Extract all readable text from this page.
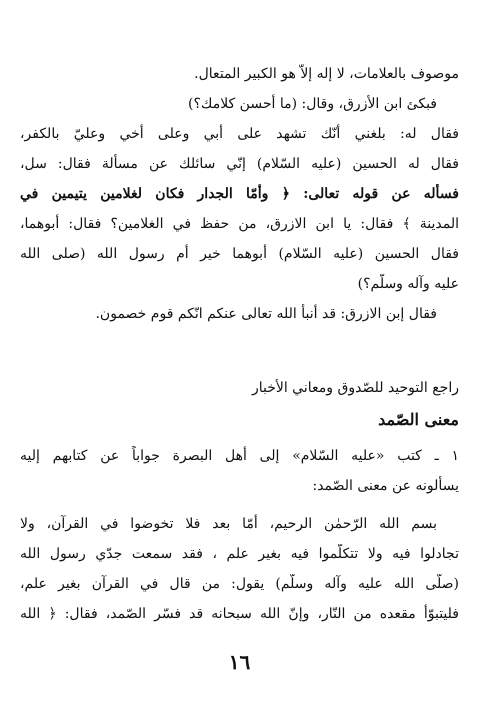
موصوف بالعلامات، لا إله إلاّ هو الكبير المتعال.
فبكئ ابن الأزرق، وقال: (ما أحسن كلامك؟)
فقال له: بلغني أنّك تشهد على أبي وعلى أخي وعليّ بالكفر،
فقال له الحسين (عليه السّلام) إنّي سائلك عن مسألة فقال: سل،
فسأله عن قوله تعالى: ﴿ وأمّا الجدار فكان لغلامين يتيمين في
المدينة ﴾ فقال: يا ابن الازرق، من حفظ في الغلامين؟ فقال: أبوهما،
فقال الحسين (عليه السّلام) أبوهما خير أم رسول الله (صلى الله
عليه وآله وسلّم؟)
فقال إبن الازرق: قد أنبأ الله تعالى عنكم انّكم قوم خصمون.
راجع التوحيد للصّدوق ومعاني الأخبار
معنى الصّمد
١ ـ كتب «عليه السّلام» إلى أهل البصرة جواباً عن كتابهم إليه
يسألونه عن معنى الصّمد:
بسم الله الرّحمٰن الرحيم، أمّا بعد فلا تخوضوا في القرآن، ولا
تجادلوا فيه ولا تتكلّموا فيه بغير علم ، فقد سمعت جدّي رسول الله
(صلّى الله عليه وآله وسلّم) يقول: من قال في القرآن بغير علم،
فليتبوّأ مقعده من النّار، وإنّ الله سبحانه قد فسّر الصّمد، فقال: ﴿ الله
١٦
